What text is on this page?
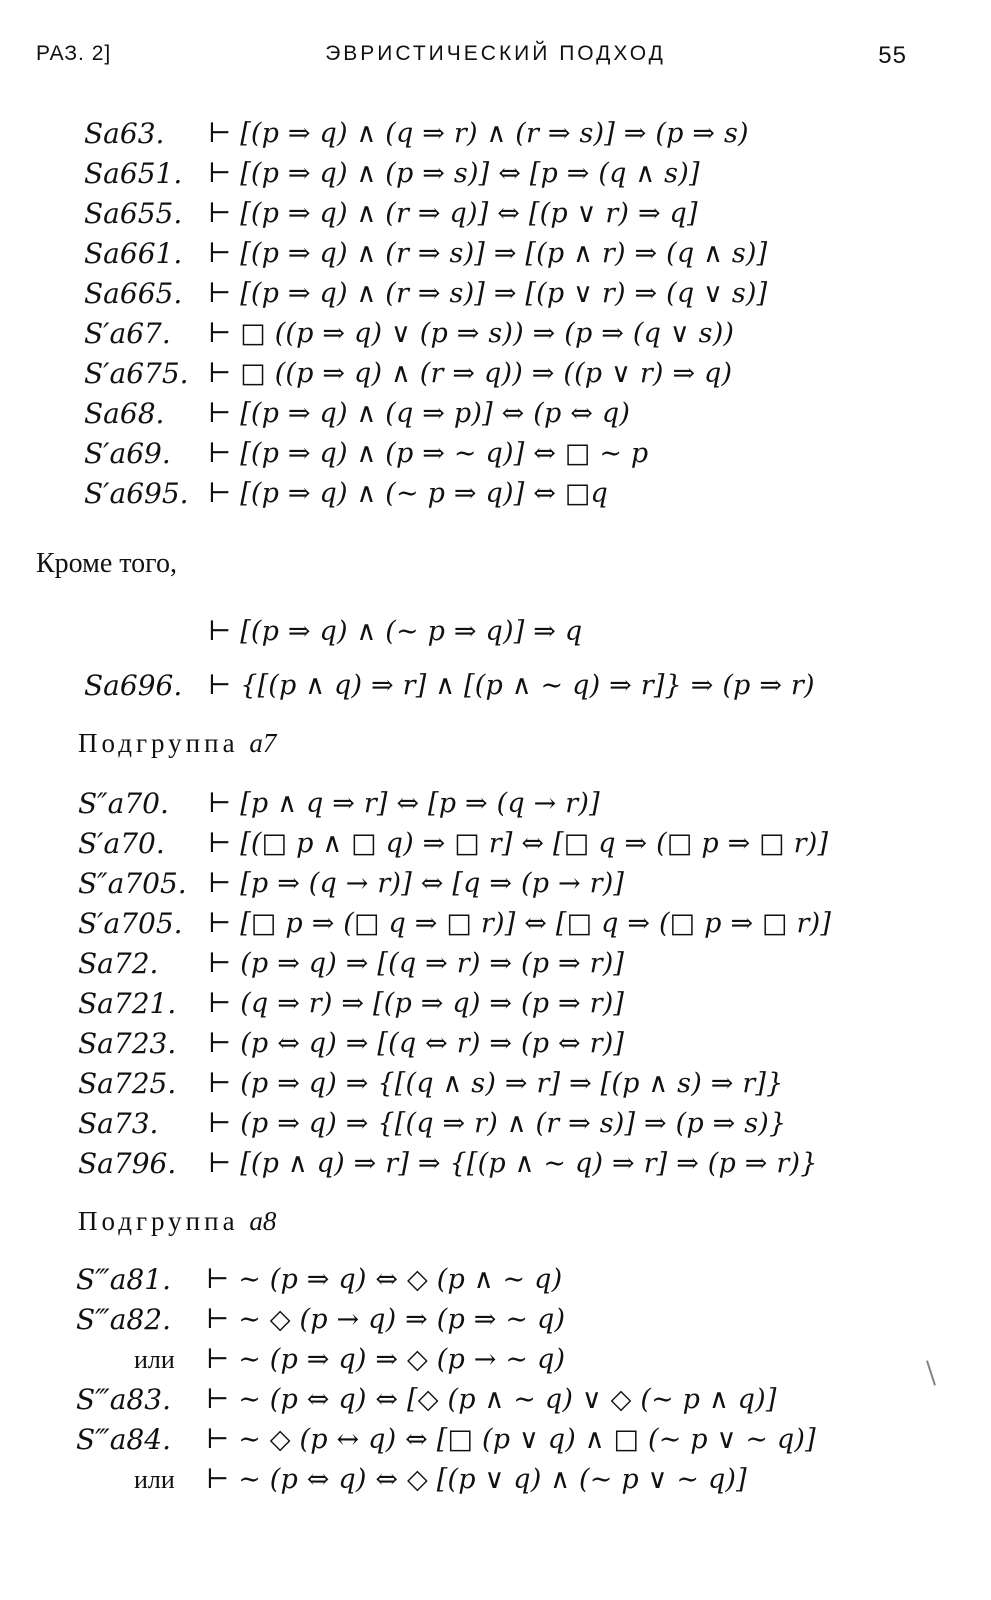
РАЗ. 2]	ЭВРИСТИЧЕСКИЙ ПОДХОД	55
Sa63. ⊢ [(p ⇒ q) ∧ (q ⇒ r) ∧ (r ⇒ s)] ⇒ (p ⇒ s)
Sa651. ⊢ [(p ⇒ q) ∧ (p ⇒ s)] ⇔ [p ⇒ (q ∧ s)]
Sa655. ⊢ [(p ⇒ q) ∧ (r ⇒ q)] ⇔ [(p ∨ r) ⇒ q]
Sa661. ⊢ [(p ⇒ q) ∧ (r ⇒ s)] ⇒ [(p ∧ r) ⇒ (q ∧ s)]
Sa665. ⊢ [(p ⇒ q) ∧ (r ⇒ s)] ⇒ [(p ∨ r) ⇒ (q ∨ s)]
S′a67. ⊢ □ ((p ⇒ q) ∨ (p ⇒ s)) ⇒ (p ⇒ (q ∨ s))
S′a675. ⊢ □ ((p ⇒ q) ∧ (r ⇒ q)) ⇒ ((p ∨ r) ⇒ q)
Sa68. ⊢ [(p ⇒ q) ∧ (q ⇒ p)] ⇔ (p ⇔ q)
S′a69. ⊢ [(p ⇒ q) ∧ (p ⇒ ∼ q)] ⇔ □ ∼ p
S′a695. ⊢ [(p ⇒ q) ∧ (∼ p ⇒ q)] ⇔ □q
Кроме того,
⊢ [(p ⇒ q) ∧ (∼ p ⇒ q)] ⇒ q
Sa696. ⊢ {[(p ∧ q) ⇒ r] ∧ [(p ∧ ∼ q) ⇒ r]} ⇒ (p ⇒ r)
Подгруппа a7
S″a70. ⊢ [p ∧ q ⇒ r] ⇔ [p ⇒ (q → r)]
S′a70. ⊢ [(□ p ∧ □ q) ⇒ □ r] ⇔ [□ q ⇒ (□ p ⇒ □ r)]
S″a705. ⊢ [p ⇒ (q → r)] ⇔ [q ⇒ (p → r)]
S′a705. ⊢ [□ p ⇒ (□ q ⇒ □ r)] ⇔ [□ q ⇒ (□ p ⇒ □ r)]
Sa72. ⊢ (p ⇒ q) ⇒ [(q ⇒ r) ⇒ (p ⇒ r)]
Sa721. ⊢ (q ⇒ r) ⇒ [(p ⇒ q) ⇒ (p ⇒ r)]
Sa723. ⊢ (p ⇔ q) ⇒ [(q ⇔ r) ⇒ (p ⇔ r)]
Sa725. ⊢ (p ⇒ q) ⇒ {[(q ∧ s) ⇒ r] ⇒ [(p ∧ s) ⇒ r]}
Sa73. ⊢ (p ⇒ q) ⇒ {[(q ⇒ r) ∧ (r ⇒ s)] ⇒ (p ⇒ s)}
Sa796. ⊢ [(p ∧ q) ⇒ r] ⇒ {[(p ∧ ∼ q) ⇒ r] ⇒ (p ⇒ r)}
Подгруппа a8
S‴a81. ⊢ ∼ (p ⇒ q) ⇔ ◇ (p ∧ ∼ q)
S‴a82. ⊢ ∼ ◇ (p → q) ⇒ (p ⇒ ∼ q)
или ⊢ ∼ (p ⇒ q) ⇒ ◇ (p → ∼ q)
S‴a83. ⊢ ∼ (p ⇔ q) ⇔ [◇ (p ∧ ∼ q) ∨ ◇ (∼ p ∧ q)]
S‴a84. ⊢ ∼ ◇ (p ↔ q) ⇔ [□ (p ∨ q) ∧ □ (∼ p ∨ ∼ q)]
или ⊢ ∼ (p ⇔ q) ⇔ ◇ [(p ∨ q) ∧ (∼ p ∨ ∼ q)]
